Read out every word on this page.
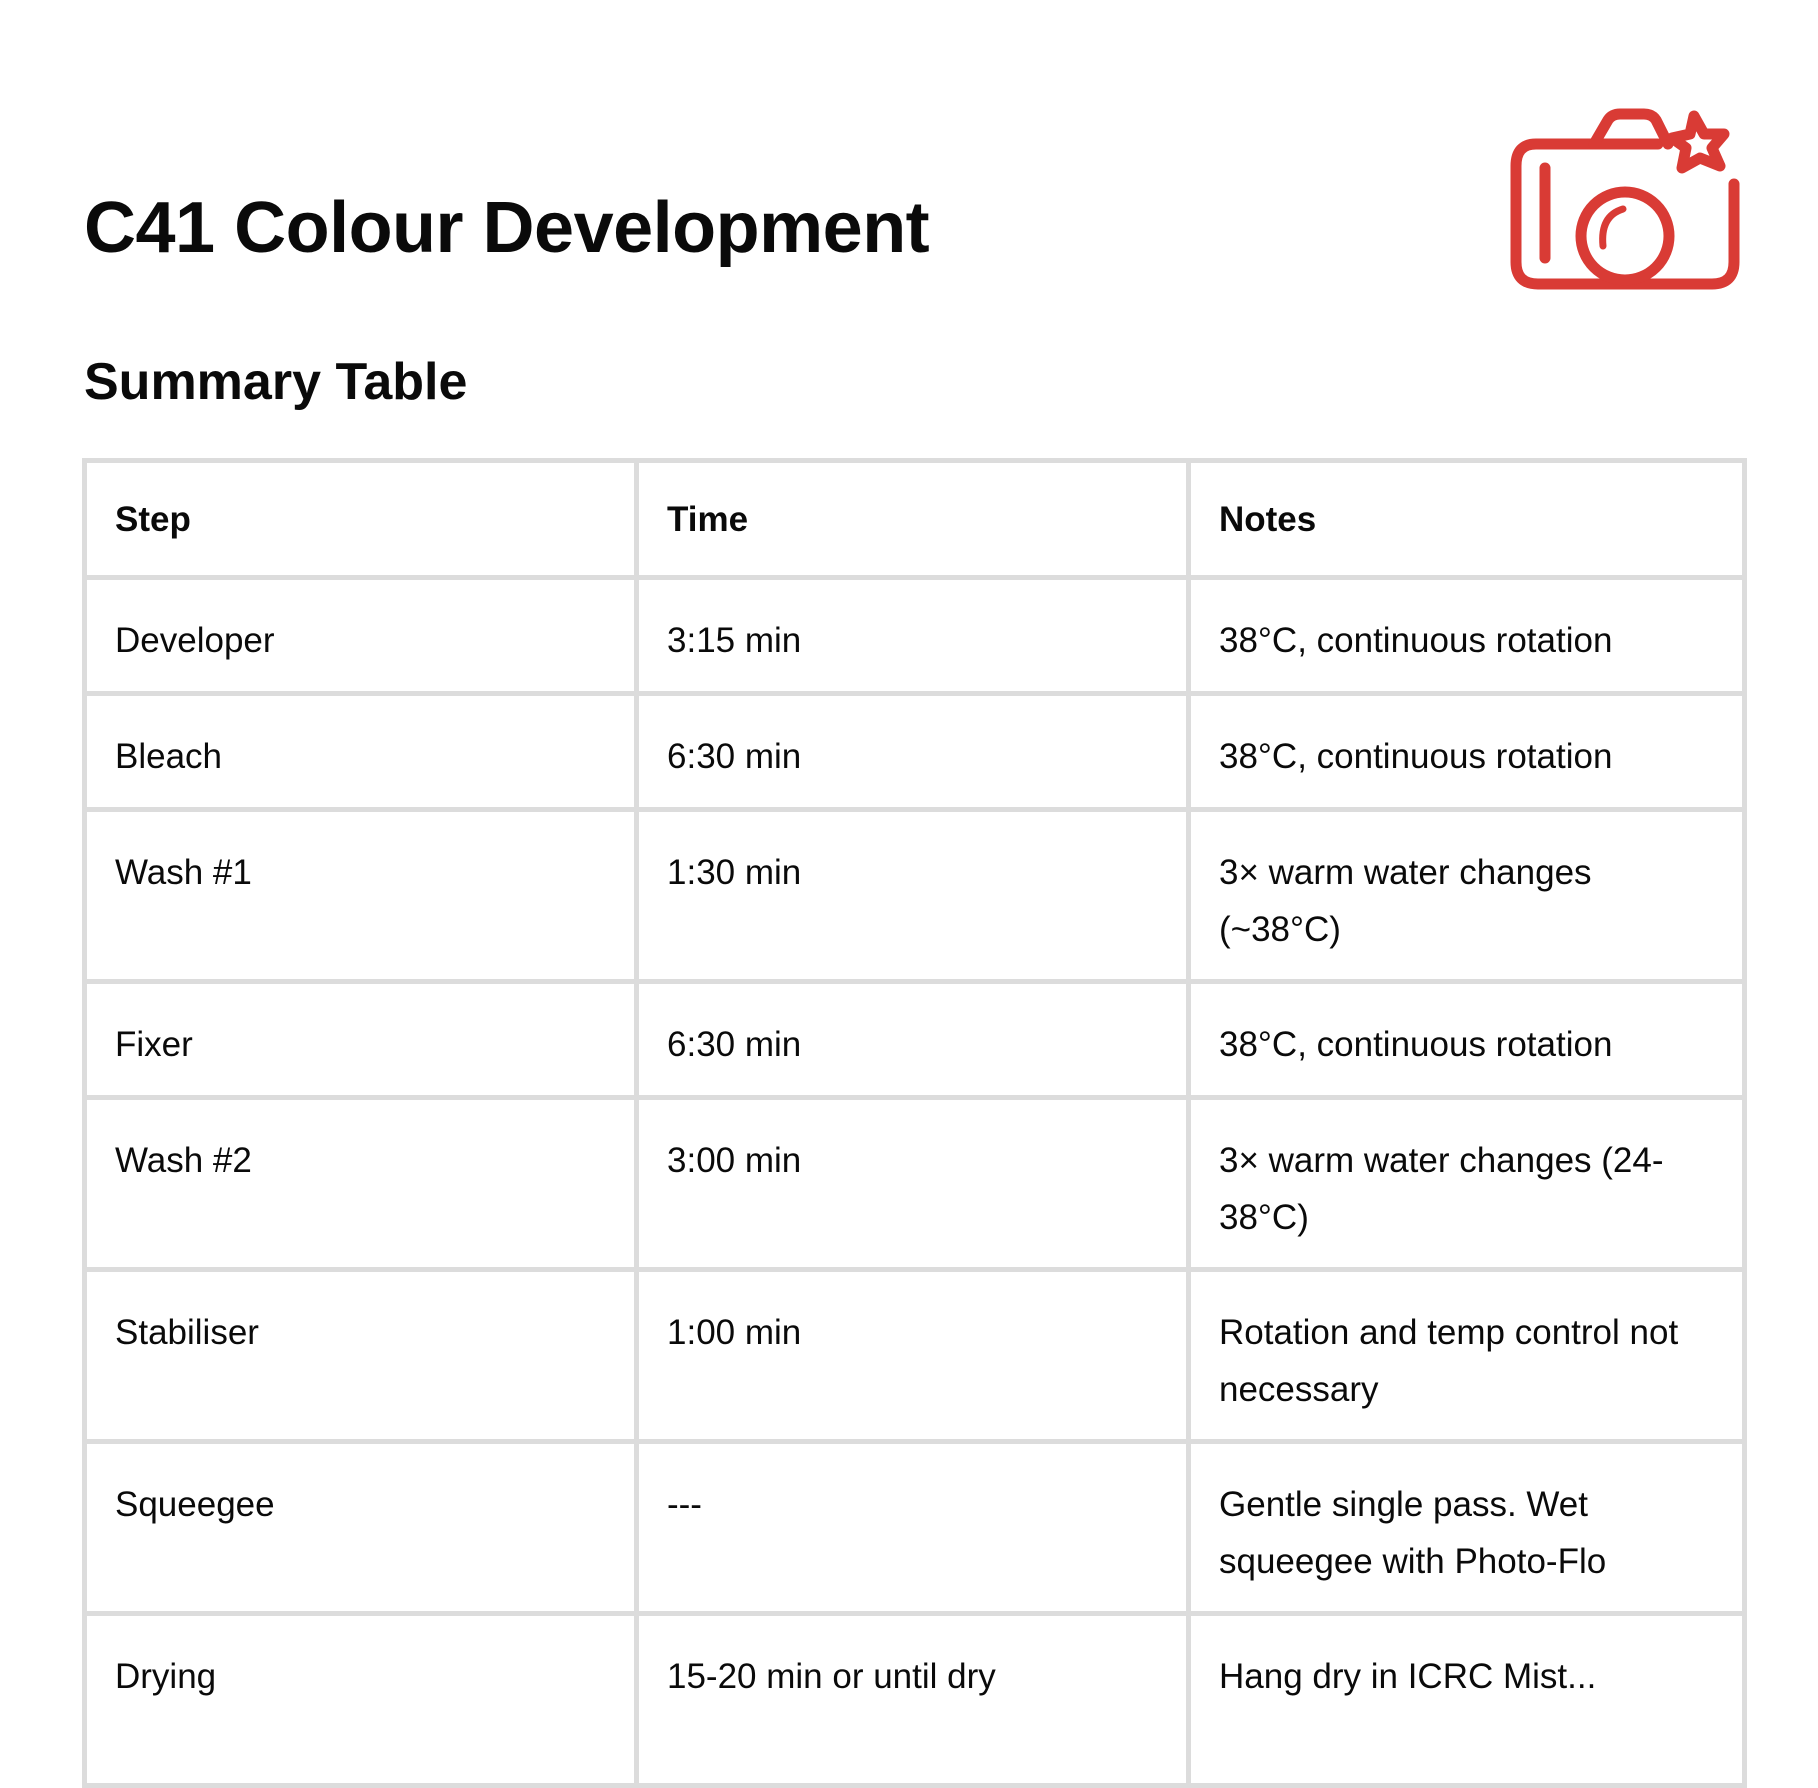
C41 Colour Development
Summary Table
Step	Time	Notes
Developer	3:15 min	38°C, continuous rotation
Bleach	6:30 min	38°C, continuous rotation
Wash #1	1:30 min	3× warm water changes (~38°C)
Fixer	6:30 min	38°C, continuous rotation
Wash #2	3:00 min	3× warm water changes (24-38°C)
Stabiliser	1:00 min	Rotation and temp control not necessary
Squeegee	---	Gentle single pass. Wet squeegee with Photo-Flo
Drying	15-20 min or until dry	Hang dry in ICRC Mist...
